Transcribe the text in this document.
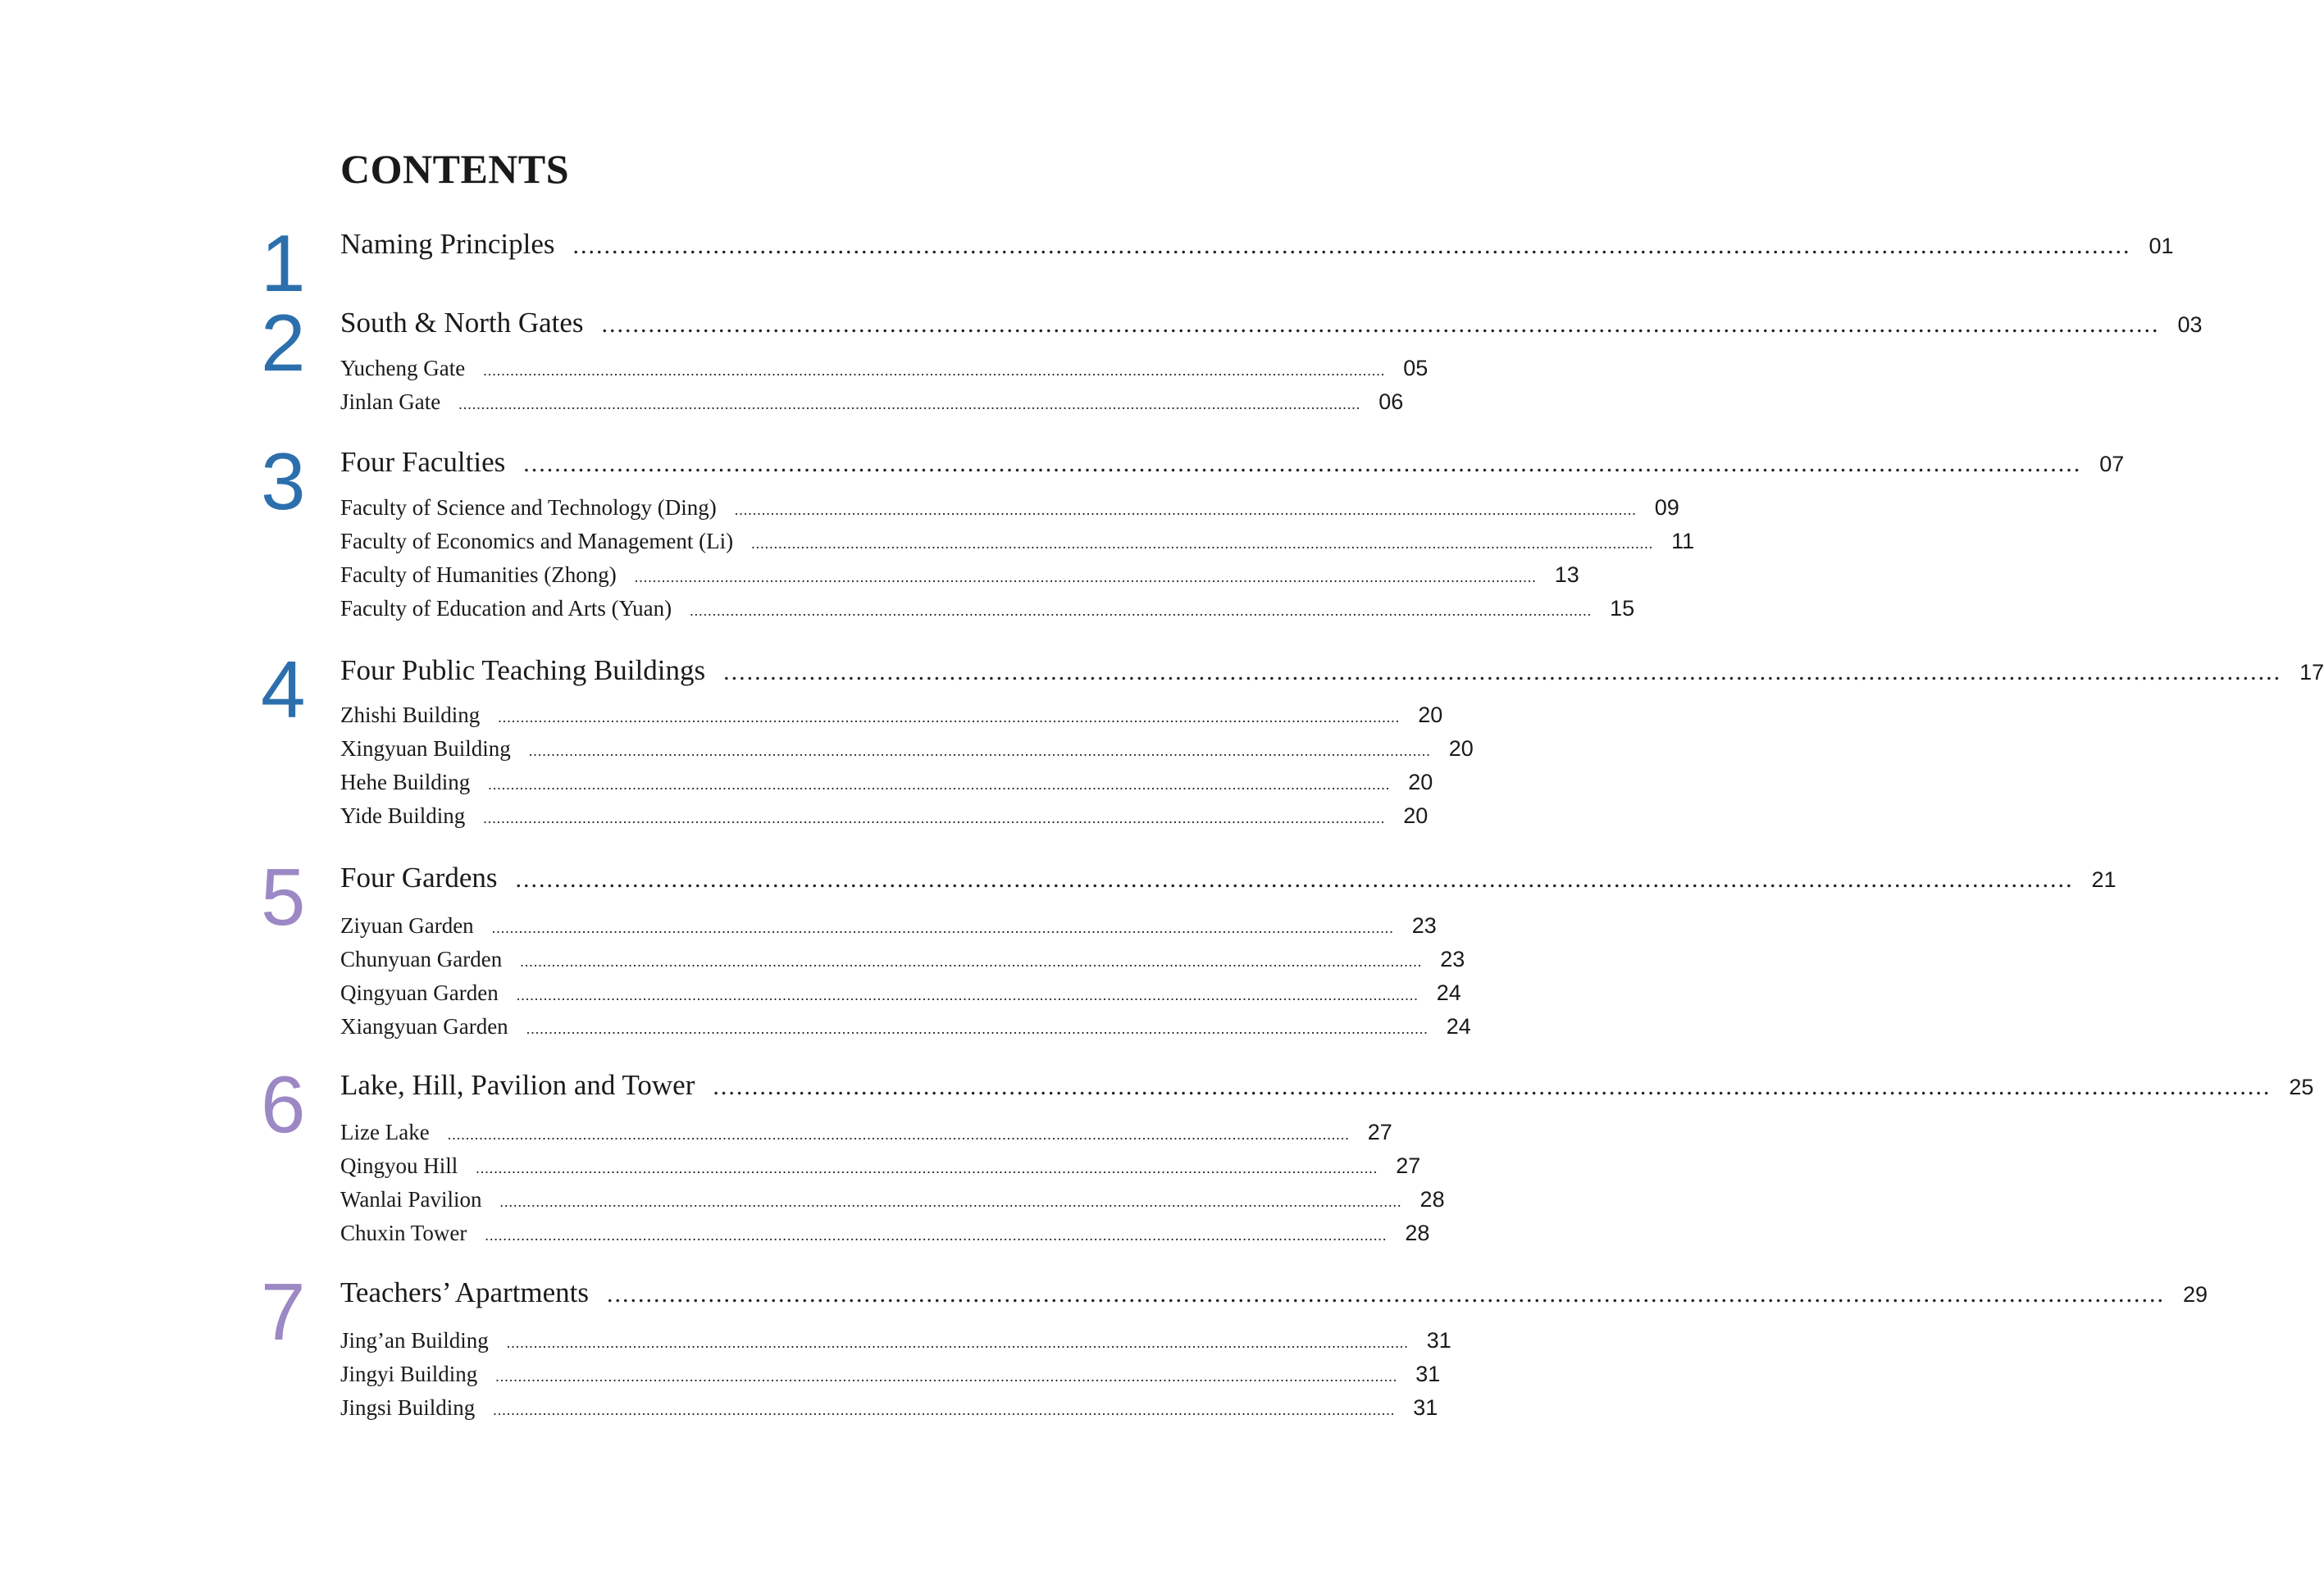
CONTENTS
1 Naming Principles ........................................................................................................................................................................................................ 01
2 South & North Gates ........................................................................................................................................................................................................ 03
Yucheng Gate ........................................................................................................................................................................................................ 05
Jinlan Gate ........................................................................................................................................................................................................ 06
3 Four Faculties ........................................................................................................................................................................................................ 07
Faculty of Science and Technology (Ding) ........................................................................................................................................................................................................ 09
Faculty of Economics and Management (Li) ........................................................................................................................................................................................................ 11
Faculty of Humanities (Zhong) ........................................................................................................................................................................................................ 13
Faculty of Education and Arts (Yuan) ........................................................................................................................................................................................................ 15
4 Four Public Teaching Buildings ........................................................................................................................................................................................................ 17
Zhishi Building ........................................................................................................................................................................................................ 20
Xingyuan Building ........................................................................................................................................................................................................ 20
Hehe Building ........................................................................................................................................................................................................ 20
Yide Building ........................................................................................................................................................................................................ 20
5 Four Gardens ........................................................................................................................................................................................................ 21
Ziyuan Garden ........................................................................................................................................................................................................ 23
Chunyuan Garden ........................................................................................................................................................................................................ 23
Qingyuan Garden ........................................................................................................................................................................................................ 24
Xiangyuan Garden ........................................................................................................................................................................................................ 24
6 Lake, Hill, Pavilion and Tower ........................................................................................................................................................................................................ 25
Lize Lake ........................................................................................................................................................................................................ 27
Qingyou Hill ........................................................................................................................................................................................................ 27
Wanlai Pavilion ........................................................................................................................................................................................................ 28
Chuxin Tower ........................................................................................................................................................................................................ 28
7 Teachers’ Apartments ........................................................................................................................................................................................................ 29
Jing’an Building ........................................................................................................................................................................................................ 31
Jingyi Building ........................................................................................................................................................................................................ 31
Jingsi Building ........................................................................................................................................................................................................ 31
